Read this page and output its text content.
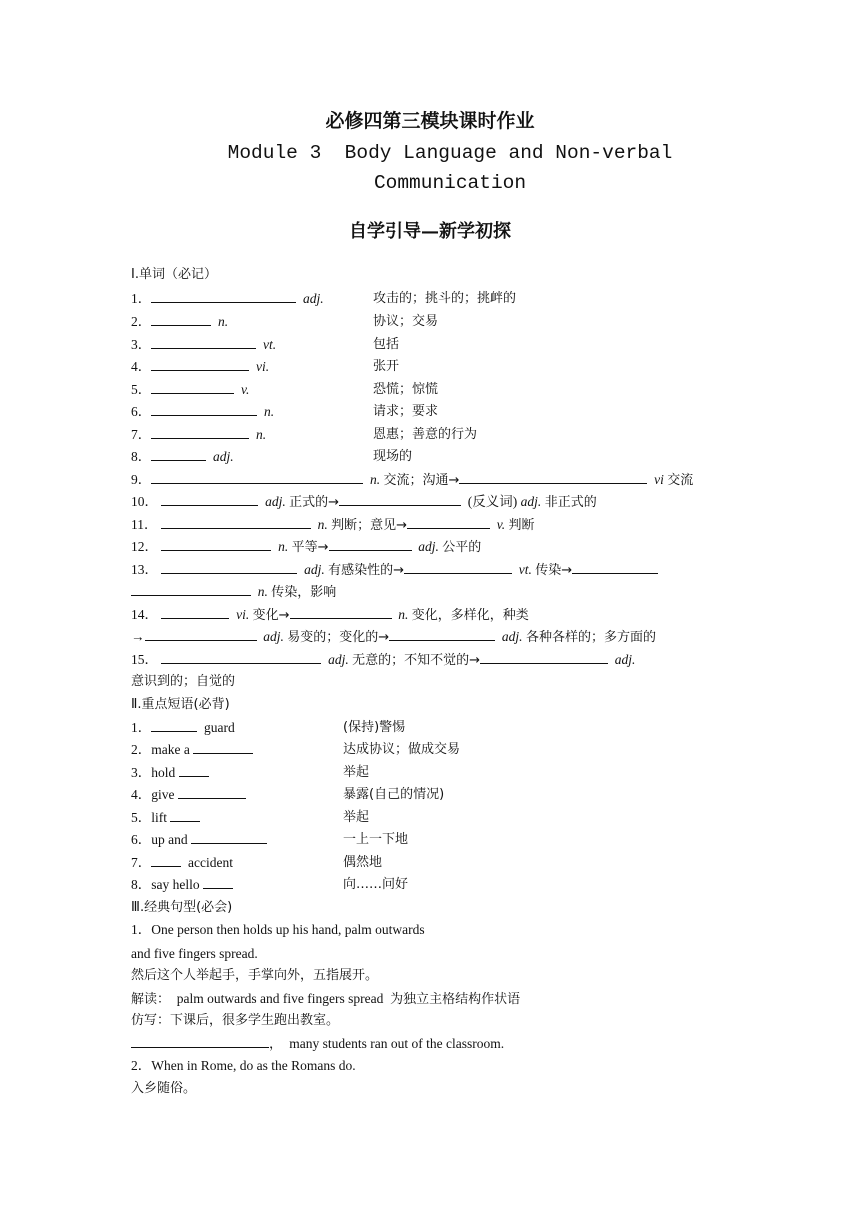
必修四第三模块课时作业
Module 3  Body Language and Non-verbal Communication
自学引导—新学初探
Ⅰ.单词（必记）
1．	adj.	攻击的；挑斗的；挑衅的
2．	n.	协议；交易
3．	vt.	包括
4．	vi.	张开
5．	v.	恐慌；惊慌
6．	n.	请求；要求
7．	n.	恩惠；善意的行为
8．	adj.	现场的
9．	n. 交流；沟通→	vi 交流
10．	adj. 正式的→	(反义词) adj. 非正式的
11．	n. 判断；意见→	v. 判断
12．	n. 平等→	adj. 公平的
13．	adj. 有感染性的→	vt. 传染→
n. 传染，影响
14．	vi. 变化→	n. 变化，多样化，种类
→	adj. 易变的；变化的→	adj. 各种各样的；多方面的
15．	adj. 无意的；不知不觉的→	adj.
意识到的；自觉的
Ⅱ.重点短语(必背)
1．	guard	(保持)警惕
2．make a	达成协议；做成交易
3．hold	举起
4．give	暴露(自己的情况)
5．lift	举起
6．up and	一上一下地
7．	accident	偶然地
8．say hello	向……问好
Ⅲ.经典句型(必会)
1．One person then holds up his hand, palm outwards
and five fingers spread.
然后这个人举起手，手掌向外，五指展开。
解读： palm outwards and five fingers spread 为独立主格结构作状语
仿写：下课后，很多学生跑出教室。
，  many students ran out of the classroom.
2．When in Rome, do as the Romans do.
入乡随俗。
